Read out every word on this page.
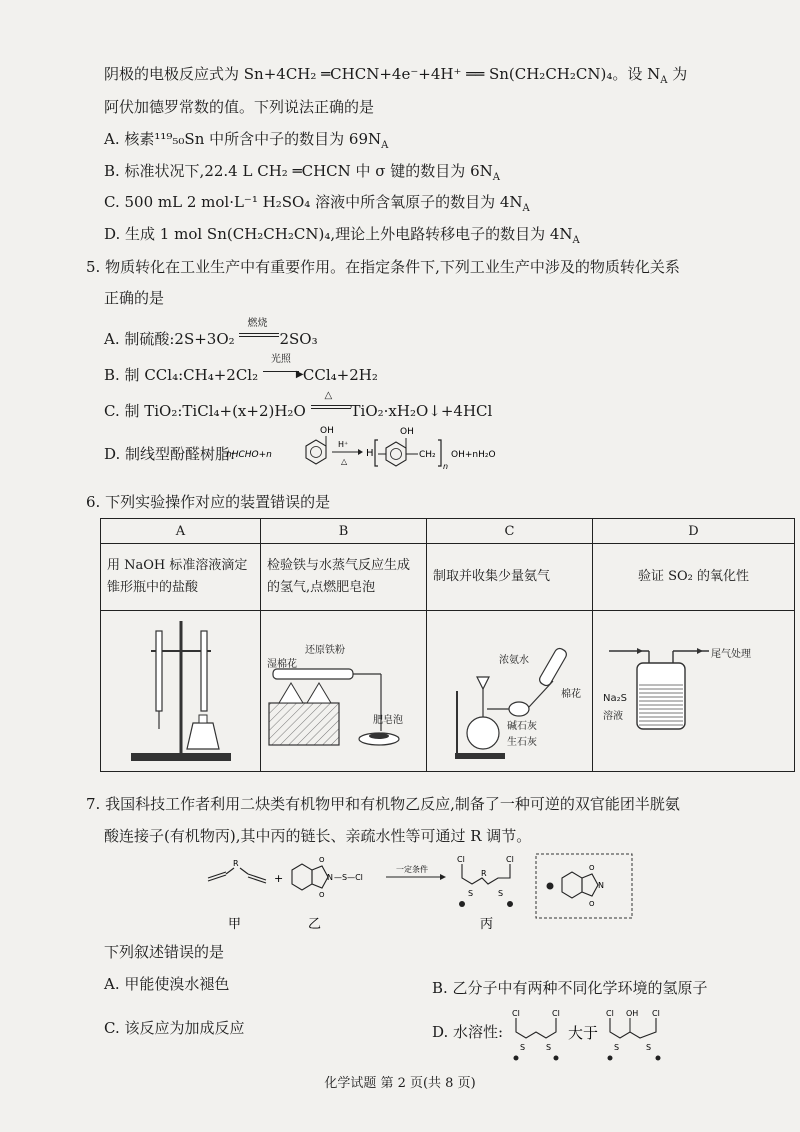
阴极的电极反应式为 Sn+4CH₂ ═CHCN+4e⁻+4H⁺ ══ Sn(CH₂CH₂CN)₄。设 $N_A$ 为
阿伏加德罗常数的值。下列说法正确的是
A. 核素¹¹⁹₅₀Sn 中所含中子的数目为 $69N_A$
B. 标准状况下,22.4 L CH₂ ═CHCN 中 σ 键的数目为 $6N_A$
C. 500 mL 2 mol·L⁻¹ H₂SO₄ 溶液中所含氧原子的数目为 $4N_A$
D. 生成 1 mol Sn(CH₂CH₂CN)₄,理论上外电路转移电子的数目为 $4N_A$
5. 物质转化在工业生产中有重要作用。在指定条件下,下列工业生产中涉及的物质转化关系
正确的是
A. 制硫酸:2S+3O₂
燃烧
2SO₃
B. 制 CCl₄:CH₄+2Cl₂
光照
▶ CCl₄+2H₂
C. 制 TiO₂:TiCl₄+(x+2)H₂O
△
TiO₂·xH₂O↓+4HCl
D. 制线型酚醛树脂:
nHCHO+n
OH
H⁺
△
H
OH
CH₂
n
OH+nH₂O
6. 下列实验操作对应的装置错误的是
A	B	C	D
用 NaOH 标准溶液滴定锥形瓶中的盐酸	检验铁与水蒸气反应生成的氢气,点燃肥皂泡	制取并收集少量氨气	验证 SO₂ 的氧化性

湿棉花
还原铁粉
肥皂泡	浓氨水
棉花
碱石灰
生石灰	尾气处理
Na₂S
溶液
7. 我国科技工作者利用二炔类有机物甲和有机物乙反应,制备了一种可逆的双官能团半胱氨
酸连接子(有机物丙),其中丙的链长、亲疏水性等可通过 R 调节。
R
+
O
O
N —S—Cl
一定条件
Cl	Cl
R
S	S
O
O
N
甲	乙	丙
下列叙述错误的是
A. 甲能使溴水褪色	B. 乙分子中有两种不同化学环境的氢原子
C. 该反应为加成反应	D. 水溶性:
Cl	Cl
S	S
大于
Cl OH Cl
S	S
化学试题 第 2 页(共 8 页)
